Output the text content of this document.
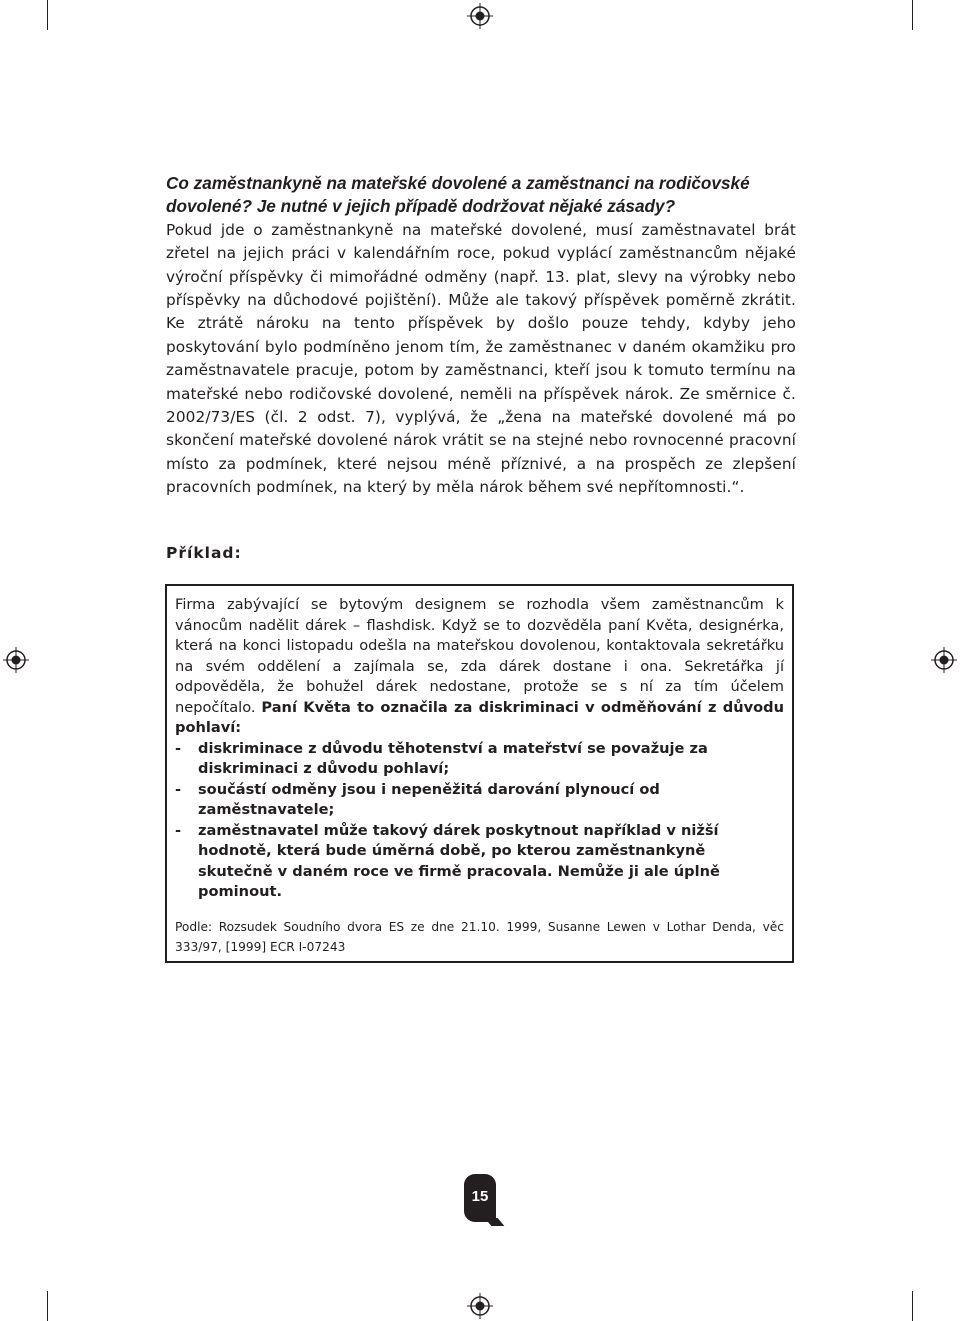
Co zaměstnankyně na mateřské dovolené a zaměstnanci na rodičovské dovolené? Je nutné v jejich případě dodržovat nějaké zásady?

Pokud jde o zaměstnankyně na mateřské dovolené, musí zaměstnavatel brát zřetel na jejich práci v kalendářním roce, pokud vyplácí zaměstnancům nějaké výroční příspěvky či mimořádné odměny (např. 13. plat, slevy na výrobky nebo příspěvky na důchodové pojištění). Může ale takový příspěvek poměrně zkrátit. Ke ztrátě nároku na tento příspěvek by došlo pouze tehdy, kdyby jeho poskytování bylo podmíněno jenom tím, že zaměstnanec v daném okamžiku pro zaměstnavatele pracuje, potom by zaměstnanci, kteří jsou k tomuto termínu na mateřské nebo rodičovské dovolené, neměli na příspěvek nárok. Ze směrnice č. 2002/73/ES (čl. 2 odst. 7), vyplývá, že „žena na mateřské dovolené má po skončení mateřské dovolené nárok vrátit se na stejné nebo rovnocenné pracovní místo za podmínek, které nejsou méně příznivé, a na prospěch ze zlepšení pracovních podmínek, na který by měla nárok během své nepřítomnosti.“.

Příklad:

Firma zabývající se bytovým designem se rozhodla všem zaměstnancům k vánocům nadělit dárek – flashdisk. Když se to dozvěděla paní Květa, designérka, která na konci listopadu odešla na mateřskou dovolenou, kontaktovala sekretářku na svém oddělení a zajímala se, zda dárek dostane i ona. Sekretářka jí odpověděla, že bohužel dárek nedostane, protože se s ní za tím účelem nepočítalo. Paní Květa to označila za diskriminaci v odměňování z důvodu pohlaví:

- diskriminace z důvodu těhotenství a mateřství se považuje za diskriminaci z důvodu pohlaví;
- součástí odměny jsou i nepeněžitá darování plynoucí od zaměstnavatele;
- zaměstnavatel může takový dárek poskytnout například v nižší hodnotě, která bude úměrná době, po kterou zaměstnankyně skutečně v daném roce ve firmě pracovala. Nemůže ji ale úplně pominout.

Podle: Rozsudek Soudního dvora ES ze dne 21.10. 1999, Susanne Lewen v Lothar Denda, věc 333/97, [1999] ECR I-07243

15
